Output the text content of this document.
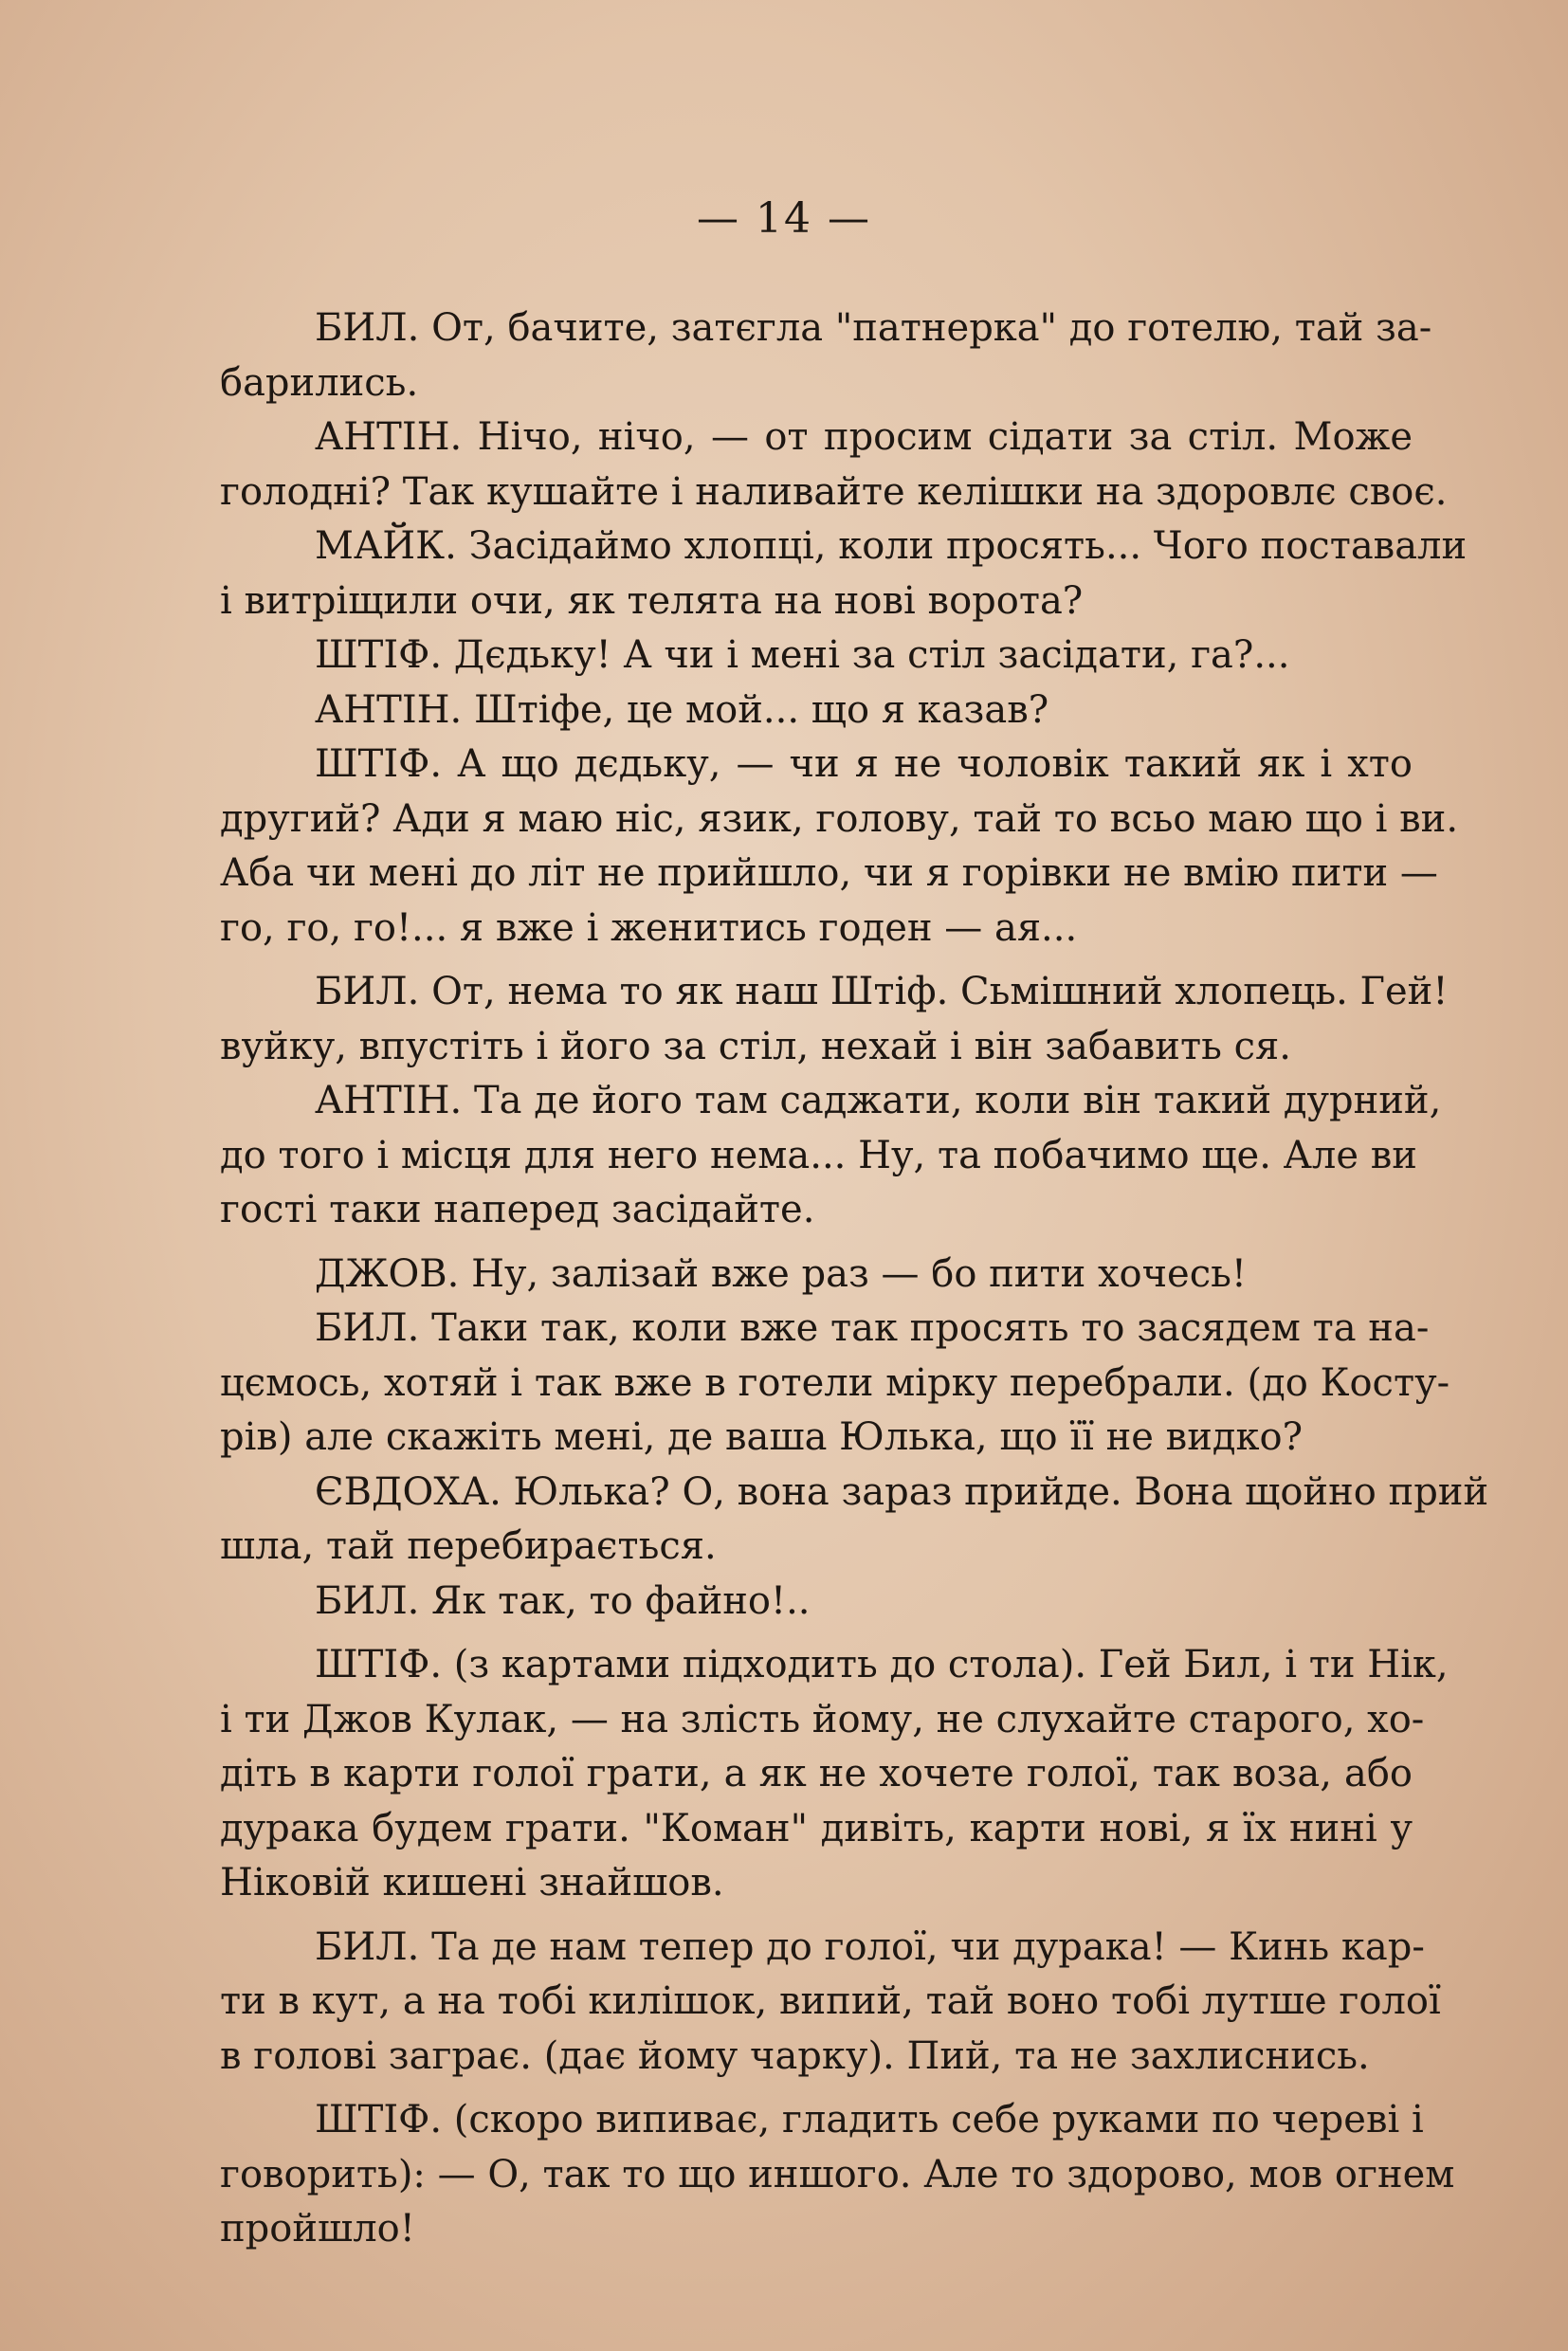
— 14 —
БИЛ. От, бачите, затєгла "патнерка" до готелю, тай за-
барились.
АНТІН. Нічо, нічо, — от просим сідати за стіл. Може
голодні? Так кушайте і наливайте келішки на здоровлє своє.
МАЙК. Засідаймо хлопці, коли просять... Чого поставали
і витріщили очи, як телята на нові ворота?
ШТІФ. Дєдьку! А чи і мені за стіл засідати, га?...
АНТІН. Штіфе, це мой... що я казав?
ШТІФ. А що дєдьку, — чи я не чоловік такий як і хто
другий? Ади я маю ніс, язик, голову, тай то всьо маю що і ви.
Аба чи мені до літ не прийшло, чи я горівки не вмію пити —
го, го, го!... я вже і женитись годен — ая...
БИЛ. От, нема то як наш Штіф. Сьмішний хлопець. Гей!
вуйку, впустіть і його за стіл, нехай і він забавить ся.
АНТІН. Та де його там саджати, коли він такий дурний,
до того і місця для него нема... Ну, та побачимо ще. Але ви
гості таки наперед засідайте.
ДЖОВ. Ну, залізай вже раз — бо пити хочесь!
БИЛ. Таки так, коли вже так просять то засядем та на-
цємось, хотяй і так вже в готели мірку перебрали. (до Косту-
рів) але скажіть мені, де ваша Юлька, що її не видко?
ЄВДОХА. Юлька? О, вона зараз прийде. Вона щойно прий
шла, тай перебирається.
БИЛ. Як так, то файно!..
ШТІФ. (з картами підходить до стола). Гей Бил, і ти Нік,
і ти Джов Кулак, — на злість йому, не слухайте старого, хо-
діть в карти голої грати, а як не хочете голої, так воза, або
дурака будем грати. "Коман" дивіть, карти нові, я їх нині у
Ніковій кишені знайшов.
БИЛ. Та де нам тепер до голої, чи дурака! — Кинь кар-
ти в кут, а на тобі килішок, випий, тай воно тобі лутше голої
в голові заграє. (дає йому чарку). Пий, та не захлиснись.
ШТІФ. (скоро випиває, гладить себе руками по череві і
говорить): — О, так то що иншого. Але то здорово, мов огнем
пройшло!
